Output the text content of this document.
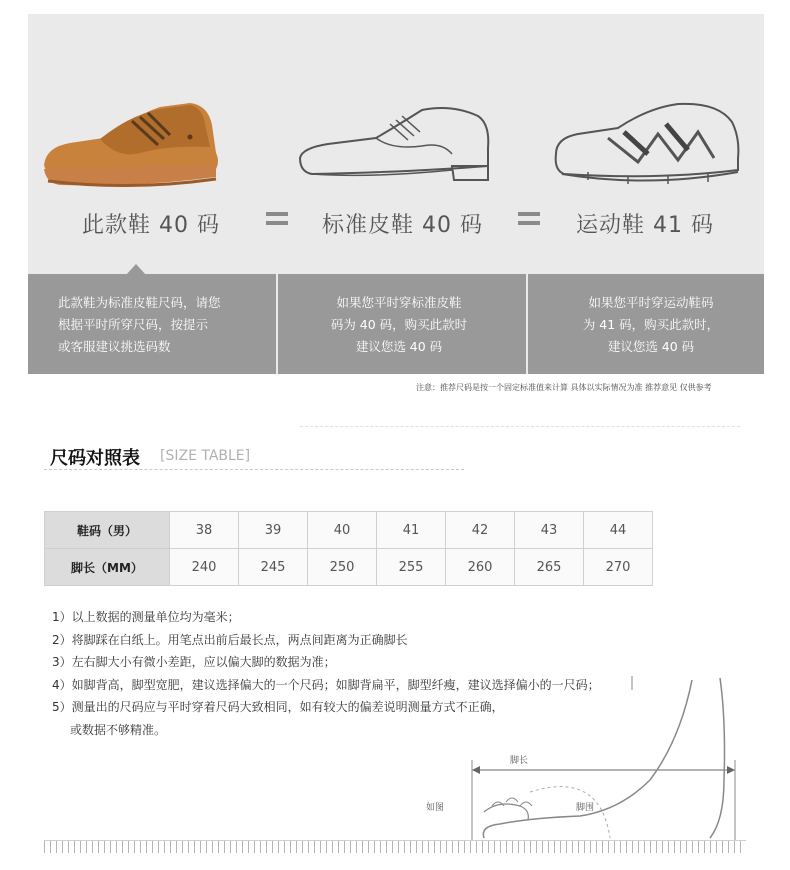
此款鞋 40 码	标准皮鞋 40 码	运动鞋 41 码
此款鞋为标准皮鞋尺码，请您
根据平时所穿尺码，按提示
或客服建议挑选码数
如果您平时穿标准皮鞋
码为 40 码，购买此款时
建议您选 40 码
如果您平时穿运动鞋码
为 41 码，购买此款时，
建议您选 40 码
注意：推荐尺码是按一个固定标准值来计算 具体以实际情况为准 推荐意见 仅供参考
尺码对照表 [SIZE TABLE]
鞋码（男）	38	39	40	41	42	43	44
脚长（MM）	240	245	250	255	260	265	270
1）以上数据的测量单位均为毫米；
2）将脚踩在白纸上。用笔点出前后最长点，两点间距离为正确脚长
3）左右脚大小有微小差距，应以偏大脚的数据为准；
4）如脚背高，脚型宽肥，建议选择偏大的一个尺码；如脚背扁平，脚型纤瘦，建议选择偏小的一尺码；
5）测量出的尺码应与平时穿着尺码大致相同，如有较大的偏差说明测量方式不正确，
或数据不够精准。
脚长
脚围
如图
